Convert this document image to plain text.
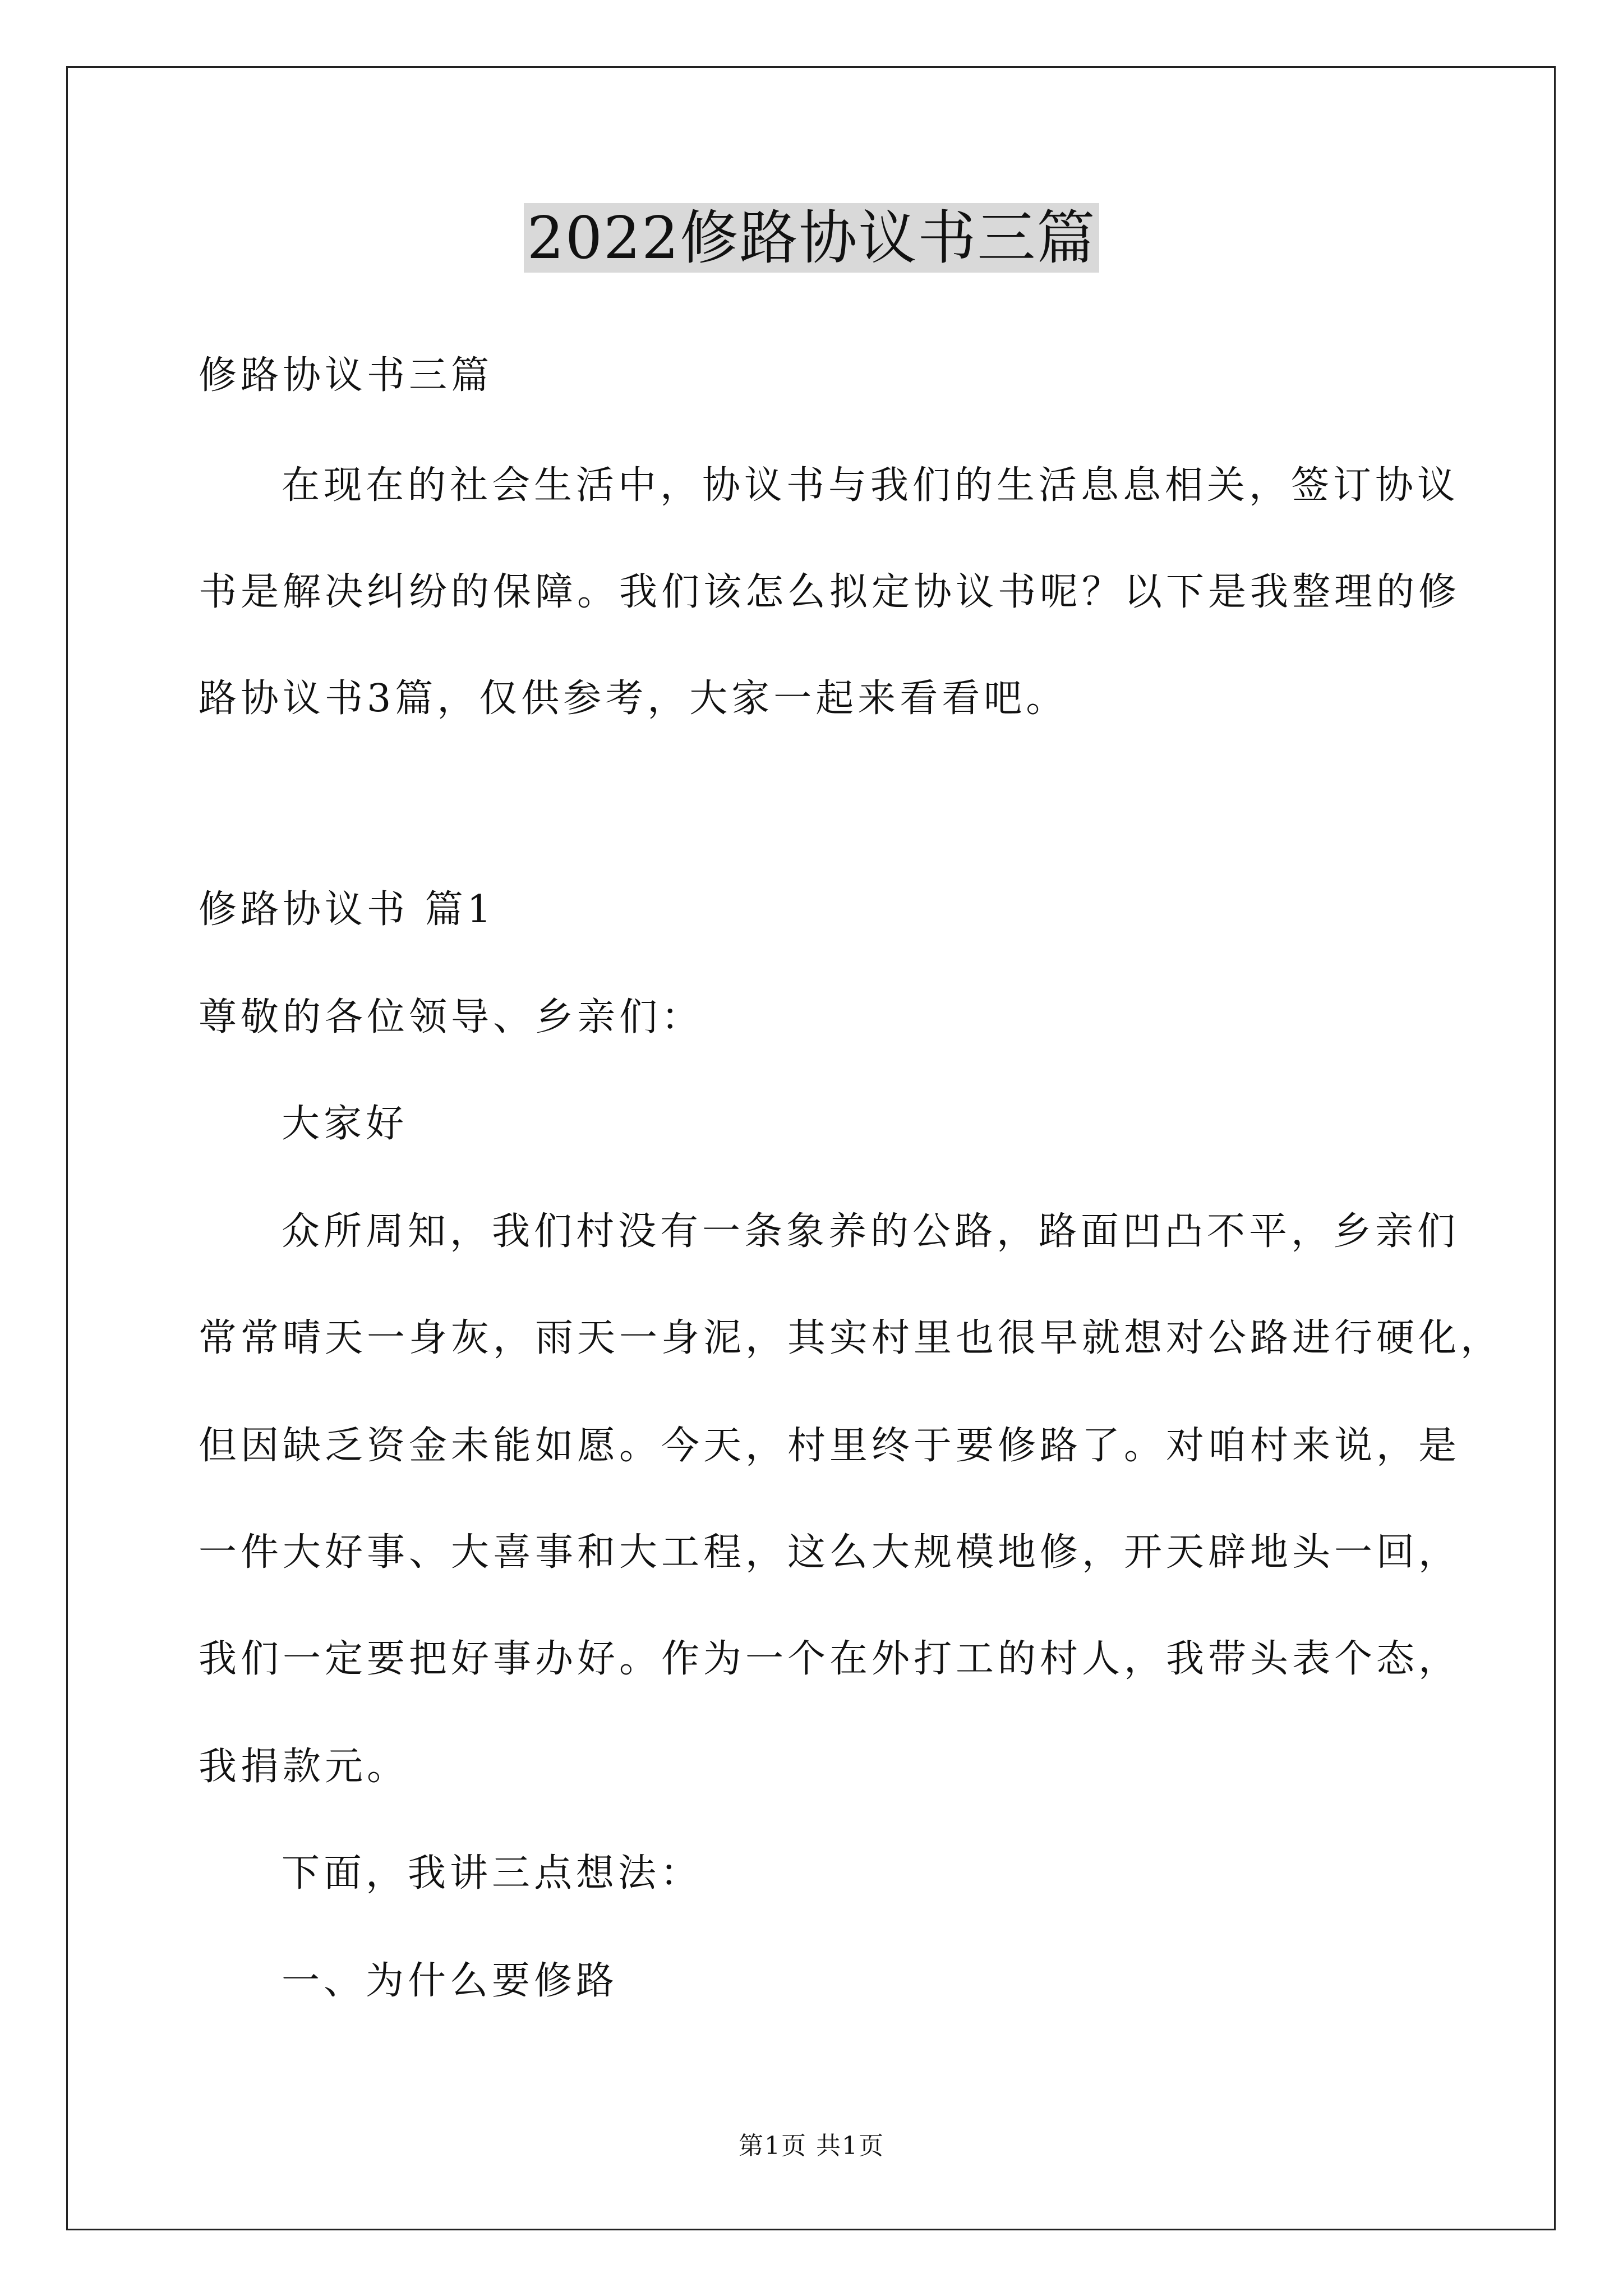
2022修路协议书三篇

修路协议书三篇

在现在的社会生活中，协议书与我们的生活息息相关，签订协议

书是解决纠纷的保障。我们该怎么拟定协议书呢？以下是我整理的修

路协议书3篇，仅供参考，大家一起来看看吧。

修路协议书 篇1

尊敬的各位领导、乡亲们：

大家好

众所周知，我们村没有一条象养的公路，路面凹凸不平，乡亲们

常常晴天一身灰，雨天一身泥，其实村里也很早就想对公路进行硬化，

但因缺乏资金未能如愿。今天，村里终于要修路了。对咱村来说，是

一件大好事、大喜事和大工程，这么大规模地修，开天辟地头一回，

我们一定要把好事办好。作为一个在外打工的村人，我带头表个态，

我捐款元。

下面，我讲三点想法：

一、为什么要修路

第1页 共1页
